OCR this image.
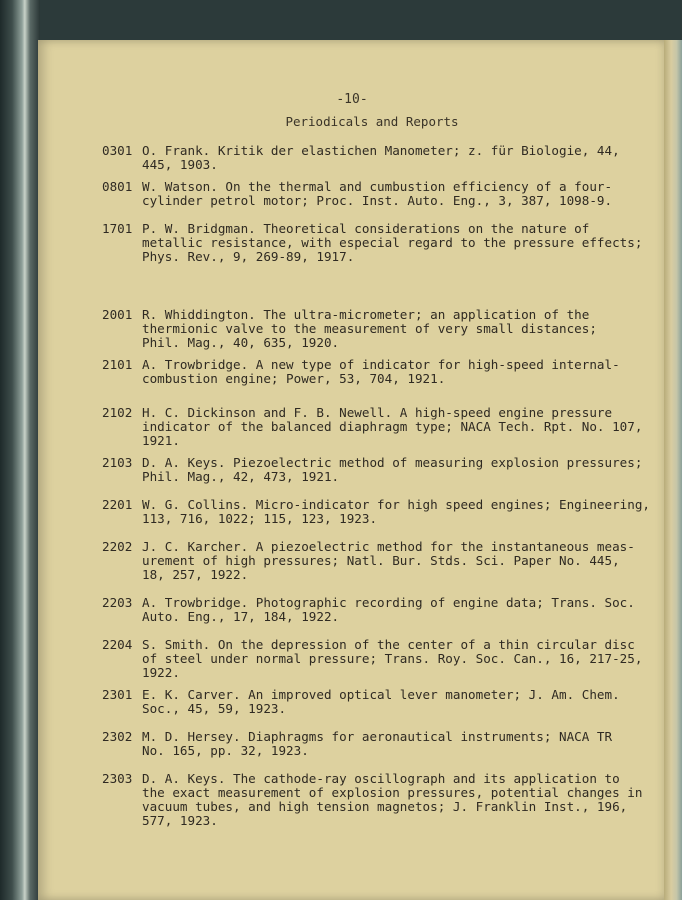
-10-
Periodicals and Reports
0301 O. Frank. Kritik der elastichen Manometer; z. für Biologie, 44,
445, 1903.
0801 W. Watson. On the thermal and cumbustion efficiency of a four-
cylinder petrol motor; Proc. Inst. Auto. Eng., 3, 387, 1098-9.
1701 P. W. Bridgman. Theoretical considerations on the nature of
metallic resistance, with especial regard to the pressure effects;
Phys. Rev., 9, 269-89, 1917.
2001 R. Whiddington. The ultra-micrometer; an application of the
thermionic valve to the measurement of very small distances;
Phil. Mag., 40, 635, 1920.
2101 A. Trowbridge. A new type of indicator for high-speed internal-
combustion engine; Power, 53, 704, 1921.
2102 H. C. Dickinson and F. B. Newell. A high-speed engine pressure
indicator of the balanced diaphragm type; NACA Tech. Rpt. No. 107,
1921.
2103 D. A. Keys. Piezoelectric method of measuring explosion pressures;
Phil. Mag., 42, 473, 1921.
2201 W. G. Collins. Micro-indicator for high speed engines; Engineering,
113, 716, 1022; 115, 123, 1923.
2202 J. C. Karcher. A piezoelectric method for the instantaneous meas-
urement of high pressures; Natl. Bur. Stds. Sci. Paper No. 445,
18, 257, 1922.
2203 A. Trowbridge. Photographic recording of engine data; Trans. Soc.
Auto. Eng., 17, 184, 1922.
2204 S. Smith. On the depression of the center of a thin circular disc
of steel under normal pressure; Trans. Roy. Soc. Can., 16, 217-25,
1922.
2301 E. K. Carver. An improved optical lever manometer; J. Am. Chem.
Soc., 45, 59, 1923.
2302 M. D. Hersey. Diaphragms for aeronautical instruments; NACA TR
No. 165, pp. 32, 1923.
2303 D. A. Keys. The cathode-ray oscillograph and its application to
the exact measurement of explosion pressures, potential changes in
vacuum tubes, and high tension magnetos; J. Franklin Inst., 196,
577, 1923.
